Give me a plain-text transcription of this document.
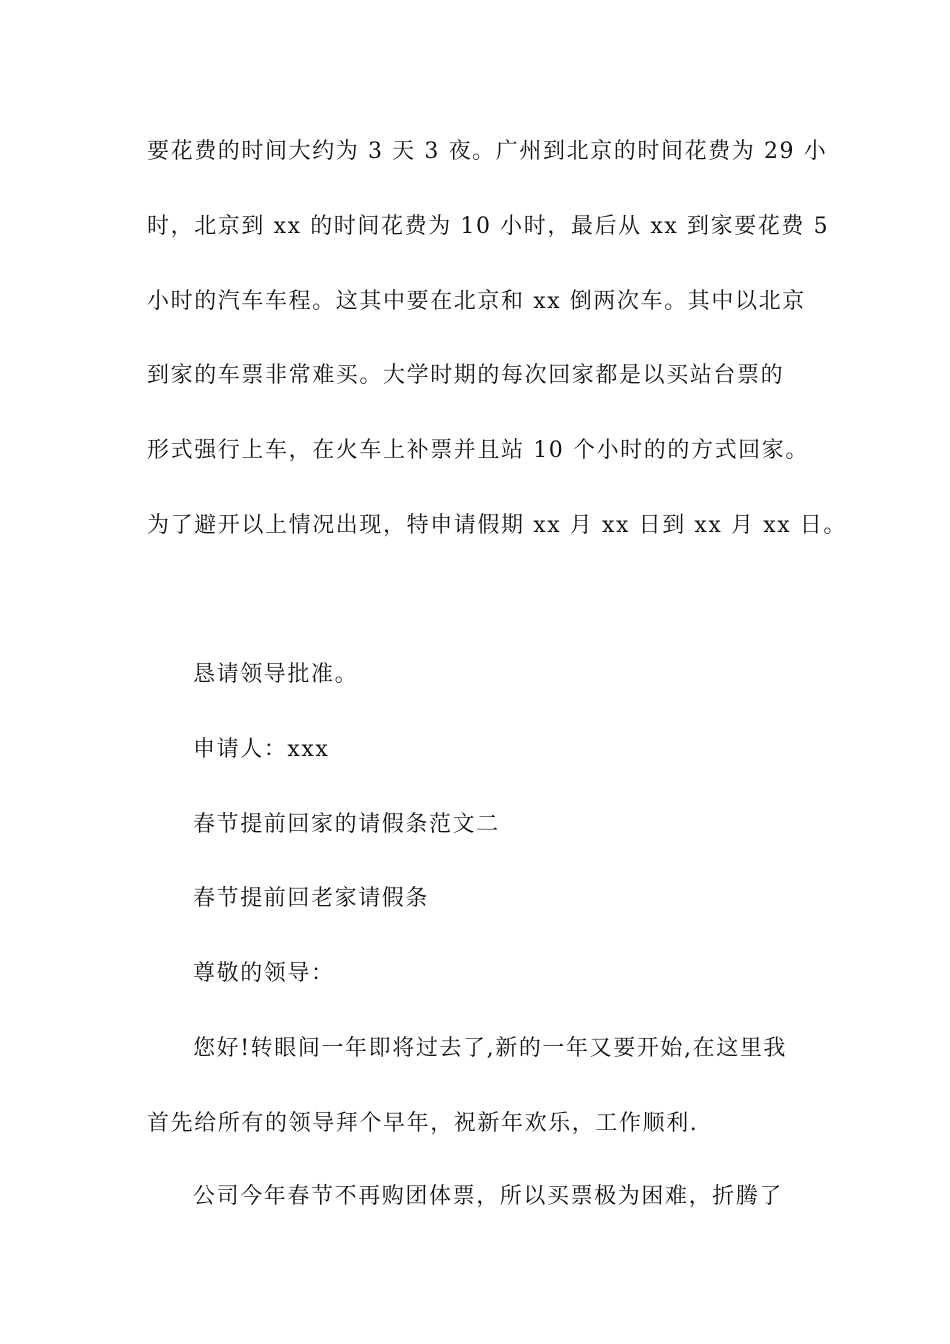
要花费的时间大约为 3 天 3 夜。广州到北京的时间花费为 29 小
时，北京到 xx 的时间花费为 10 小时，最后从 xx 到家要花费 5
小时的汽车车程。这其中要在北京和 xx 倒两次车。其中以北京
到家的车票非常难买。大学时期的每次回家都是以买站台票的
形式强行上车，在火车上补票并且站 10 个小时的的方式回家。
为了避开以上情况出现，特申请假期 xx 月 xx 日到 xx 月 xx 日。
恳请领导批准。
申请人：xxx
春节提前回家的请假条范文二
春节提前回老家请假条
尊敬的领导：
您好!转眼间一年即将过去了,新的一年又要开始,在这里我
首先给所有的领导拜个早年，祝新年欢乐，工作顺利.
公司今年春节不再购团体票，所以买票极为困难，折腾了
